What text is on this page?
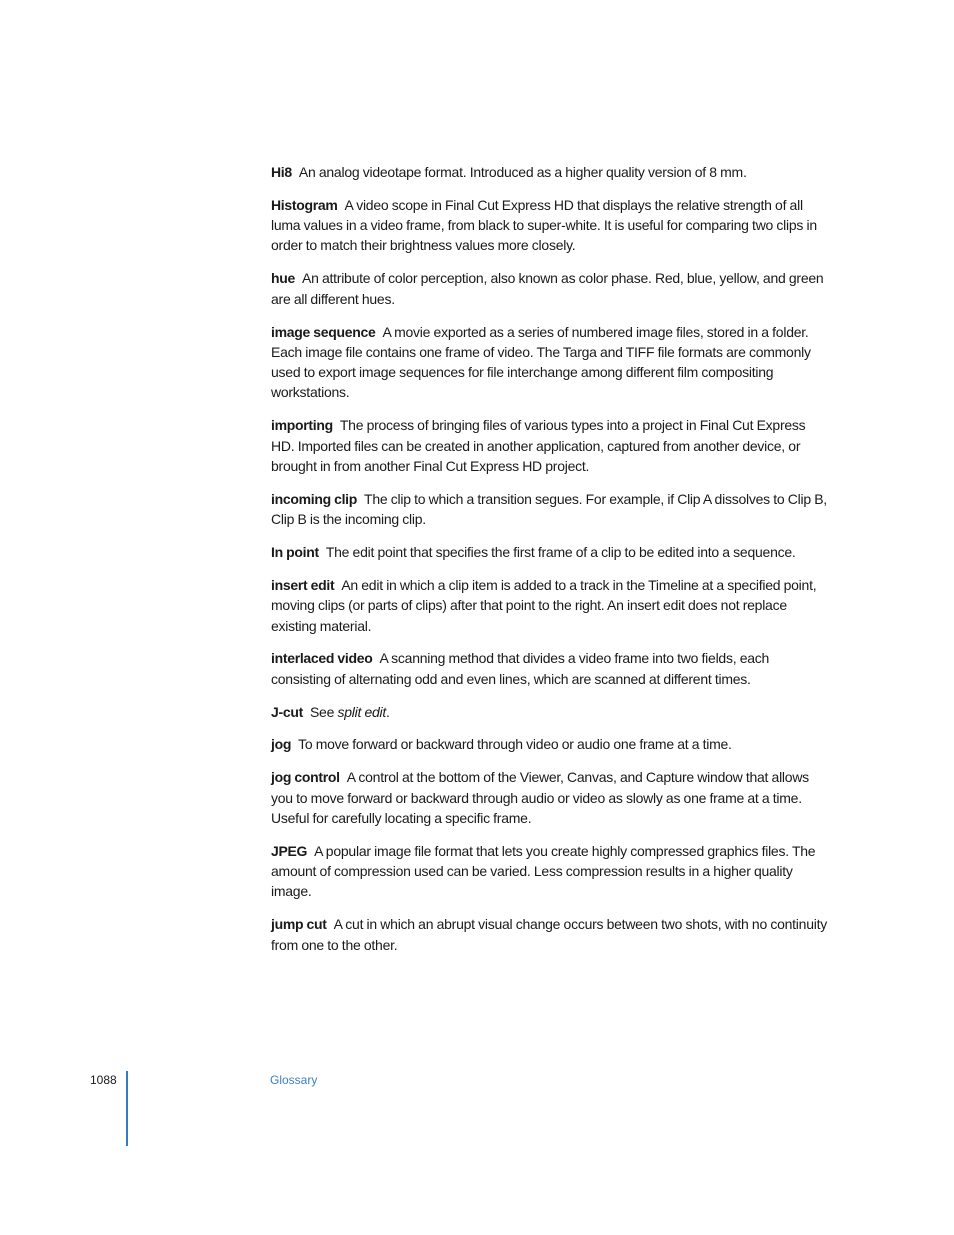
Hi8 An analog videotape format. Introduced as a higher quality version of 8 mm.

Histogram A video scope in Final Cut Express HD that displays the relative strength of all luma values in a video frame, from black to super-white. It is useful for comparing two clips in order to match their brightness values more closely.

hue An attribute of color perception, also known as color phase. Red, blue, yellow, and green are all different hues.

image sequence A movie exported as a series of numbered image files, stored in a folder. Each image file contains one frame of video. The Targa and TIFF file formats are commonly used to export image sequences for file interchange among different film compositing workstations.

importing The process of bringing files of various types into a project in Final Cut Express HD. Imported files can be created in another application, captured from another device, or brought in from another Final Cut Express HD project.

incoming clip The clip to which a transition segues. For example, if Clip A dissolves to Clip B, Clip B is the incoming clip.

In point The edit point that specifies the first frame of a clip to be edited into a sequence.

insert edit An edit in which a clip item is added to a track in the Timeline at a specified point, moving clips (or parts of clips) after that point to the right. An insert edit does not replace existing material.

interlaced video A scanning method that divides a video frame into two fields, each consisting of alternating odd and even lines, which are scanned at different times.

J-cut See split edit.

jog To move forward or backward through video or audio one frame at a time.

jog control A control at the bottom of the Viewer, Canvas, and Capture window that allows you to move forward or backward through audio or video as slowly as one frame at a time. Useful for carefully locating a specific frame.

JPEG A popular image file format that lets you create highly compressed graphics files. The amount of compression used can be varied. Less compression results in a higher quality image.

jump cut A cut in which an abrupt visual change occurs between two shots, with no continuity from one to the other.

1088	Glossary
